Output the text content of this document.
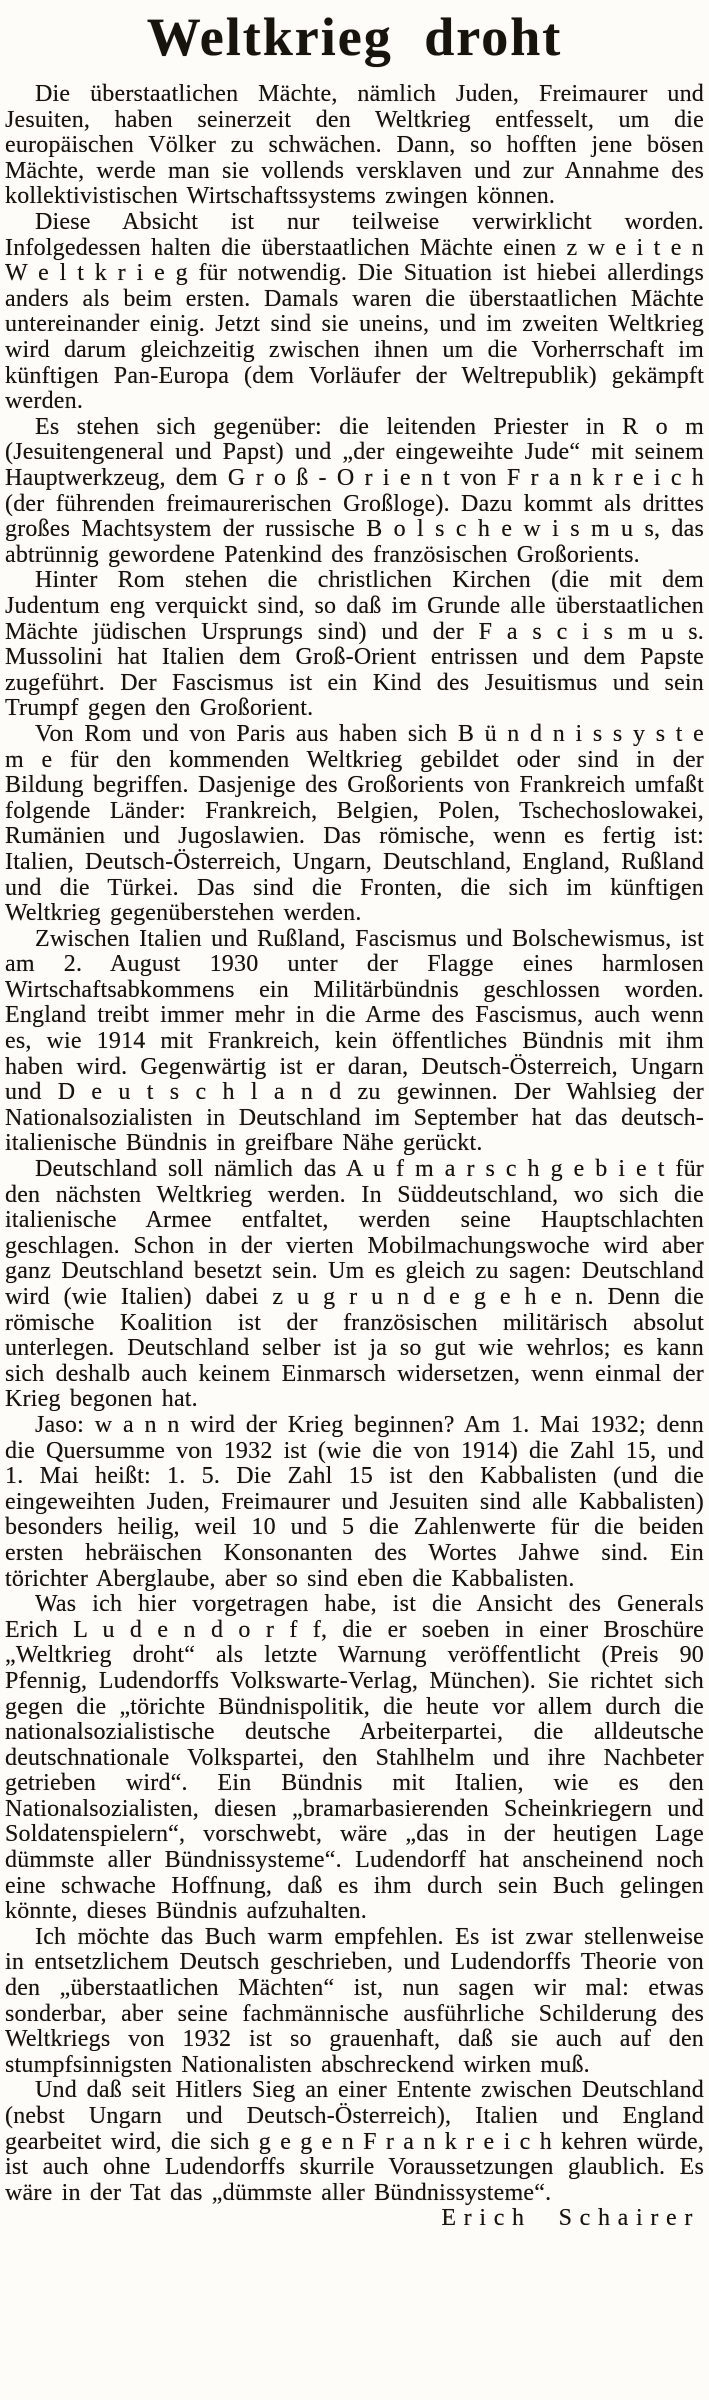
Weltkrieg droht

Die überstaatlichen Mächte, nämlich Juden, Freimaurer und Jesuiten, haben seinerzeit den Weltkrieg entfesselt, um die europäischen Völker zu schwächen. Dann, so hofften jene bösen Mächte, werde man sie vollends versklaven und zur Annahme des kollektivistischen Wirtschaftssystems zwingen können.

Diese Absicht ist nur teilweise verwirklicht worden. Infolgedessen halten die überstaatlichen Mächte einen z w e i t e n W e l t k r i e g für notwendig. Die Situation ist hiebei allerdings anders als beim ersten. Damals waren die überstaatlichen Mächte untereinander einig. Jetzt sind sie uneins, und im zweiten Weltkrieg wird darum gleichzeitig zwischen ihnen um die Vorherrschaft im künftigen Pan-Europa (dem Vorläufer der Weltrepublik) gekämpft werden.

Es stehen sich gegenüber: die leitenden Priester in R o m (Jesuitengeneral und Papst) und „der eingeweihte Jude“ mit seinem Hauptwerkzeug, dem G r o ß - O r i e n t von F r a n k r e i c h (der führenden freimaurerischen Großloge). Dazu kommt als drittes großes Machtsystem der russische B o l s c h e w i s m u s, das abtrünnig gewordene Patenkind des französischen Großorients.

Hinter Rom stehen die christlichen Kirchen (die mit dem Judentum eng verquickt sind, so daß im Grunde alle überstaatlichen Mächte jüdischen Ursprungs sind) und der F a s c i s m u s. Mussolini hat Italien dem Groß-Orient entrissen und dem Papste zugeführt. Der Fascismus ist ein Kind des Jesuitismus und sein Trumpf gegen den Großorient.

Von Rom und von Paris aus haben sich B ü n d n i s s y s t e m e für den kommenden Weltkrieg gebildet oder sind in der Bildung begriffen. Dasjenige des Großorients von Frankreich umfaßt folgende Länder: Frankreich, Belgien, Polen, Tschechoslowakei, Rumänien und Jugoslawien. Das römische, wenn es fertig ist: Italien, Deutsch-Österreich, Ungarn, Deutschland, England, Rußland und die Türkei. Das sind die Fronten, die sich im künftigen Weltkrieg gegenüberstehen werden.

Zwischen Italien und Rußland, Fascismus und Bolschewismus, ist am 2. August 1930 unter der Flagge eines harmlosen Wirtschaftsabkommens ein Militärbündnis geschlossen worden. England treibt immer mehr in die Arme des Fascismus, auch wenn es, wie 1914 mit Frankreich, kein öffentliches Bündnis mit ihm haben wird. Gegenwärtig ist er daran, Deutsch-Österreich, Ungarn und D e u t s c h l a n d zu gewinnen. Der Wahlsieg der Nationalsozialisten in Deutschland im September hat das deutsch-italienische Bündnis in greifbare Nähe gerückt.

Deutschland soll nämlich das A u f m a r s c h g e b i e t für den nächsten Weltkrieg werden. In Süddeutschland, wo sich die italienische Armee entfaltet, werden seine Hauptschlachten geschlagen. Schon in der vierten Mobilmachungswoche wird aber ganz Deutschland besetzt sein. Um es gleich zu sagen: Deutschland wird (wie Italien) dabei z u g r u n d e g e h e n. Denn die römische Koalition ist der französischen militärisch absolut unterlegen. Deutschland selber ist ja so gut wie wehrlos; es kann sich deshalb auch keinem Einmarsch widersetzen, wenn einmal der Krieg begonen hat.

Jaso: w a n n wird der Krieg beginnen? Am 1. Mai 1932; denn die Quersumme von 1932 ist (wie die von 1914) die Zahl 15, und 1. Mai heißt: 1. 5. Die Zahl 15 ist den Kabbalisten (und die eingeweihten Juden, Freimaurer und Jesuiten sind alle Kabbalisten) besonders heilig, weil 10 und 5 die Zahlenwerte für die beiden ersten hebräischen Konsonanten des Wortes Jahwe sind. Ein törichter Aberglaube, aber so sind eben die Kabbalisten.

Was ich hier vorgetragen habe, ist die Ansicht des Generals Erich L u d e n d o r f f, die er soeben in einer Broschüre „Weltkrieg droht“ als letzte Warnung veröffentlicht (Preis 90 Pfennig, Ludendorffs Volkswarte-Verlag, München). Sie richtet sich gegen die „törichte Bündnispolitik, die heute vor allem durch die nationalsozialistische deutsche Arbeiterpartei, die alldeutsche deutschnationale Volkspartei, den Stahlhelm und ihre Nachbeter getrieben wird“. Ein Bündnis mit Italien, wie es den Nationalsozialisten, diesen „bramarbasierenden Scheinkriegern und Soldatenspielern“, vorschwebt, wäre „das in der heutigen Lage dümmste aller Bündnissysteme“. Ludendorff hat anscheinend noch eine schwache Hoffnung, daß es ihm durch sein Buch gelingen könnte, dieses Bündnis aufzuhalten.

Ich möchte das Buch warm empfehlen. Es ist zwar stellenweise in entsetzlichem Deutsch geschrieben, und Ludendorffs Theorie von den „überstaatlichen Mächten“ ist, nun sagen wir mal: etwas sonderbar, aber seine fachmännische ausführliche Schilderung des Weltkriegs von 1932 ist so grauenhaft, daß sie auch auf den stumpfsinnigsten Nationalisten abschreckend wirken muß.

Und daß seit Hitlers Sieg an einer Entente zwischen Deutschland (nebst Ungarn und Deutsch-Österreich), Italien und England gearbeitet wird, die sich g e g e n F r a n k r e i c h kehren würde, ist auch ohne Ludendorffs skurrile Voraussetzungen glaublich. Es wäre in der Tat das „dümmste aller Bündnissysteme“.
Erich Schairer
